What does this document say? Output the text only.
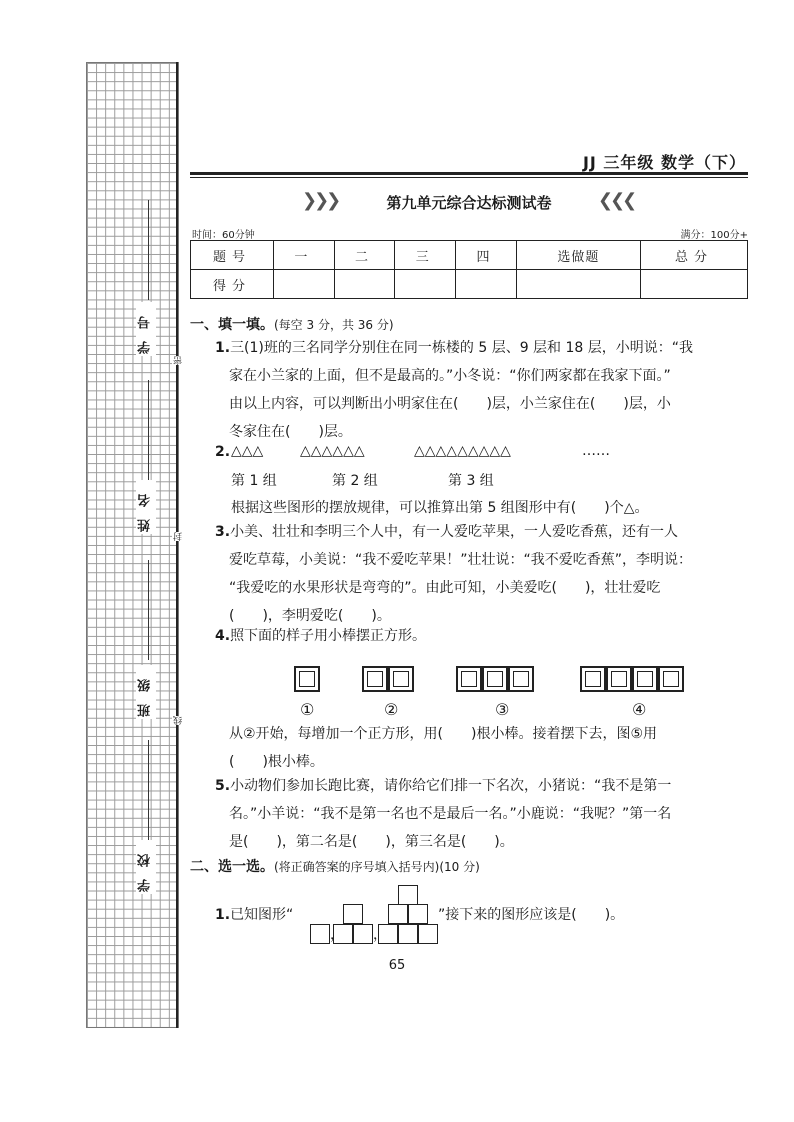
学号
姓名
班级
学校
密
封
线
JJ 三年级 数学（下）
❯❯❯	第九单元综合达标测试卷	❮❮❮
时间：60分钟	满分：100分+
题号	一	二	三	四	选做题	总分
得分						
一、填一填。(每空 3 分，共 36 分)
1.三(1)班的三名同学分别住在同一栋楼的 5 层、9 层和 18 层，小明说：“我
家在小兰家的上面，但不是最高的。”小冬说：“你们两家都在我家下面。”
由以上内容，可以判断出小明家住在(　　)层，小兰家住在(　　)层，小
冬家住在(　　)层。
2. △△△	△△△△△△	△△△△△△△△△	……
第 1 组	第 2 组	第 3 组
根据这些图形的摆放规律，可以推算出第 5 组图形中有(　　)个△。
3.小美、壮壮和李明三个人中，有一人爱吃苹果，一人爱吃香蕉，还有一人
爱吃草莓，小美说：“我不爱吃苹果！”壮壮说：“我不爱吃香蕉”，李明说：
“我爱吃的水果形状是弯弯的”。由此可知，小美爱吃(　　)，壮壮爱吃
(　　)，李明爱吃(　　)。
4.照下面的样子用小棒摆正方形。
①	②	③	④
从②开始，每增加一个正方形，用(　　)根小棒。接着摆下去，图⑤用
(　　)根小棒。
5.小动物们参加长跑比赛，请你给它们排一下名次，小猪说：“我不是第一
名。”小羊说：“我不是第一名也不是最后一名。”小鹿说：“我呢？”第一名
是(　　)，第二名是(　　)，第三名是(　　)。
二、选一选。(将正确答案的序号填入括号内)(10 分)
1.已知图形“
， ，
”接下来的图形应该是(　　)。
65
